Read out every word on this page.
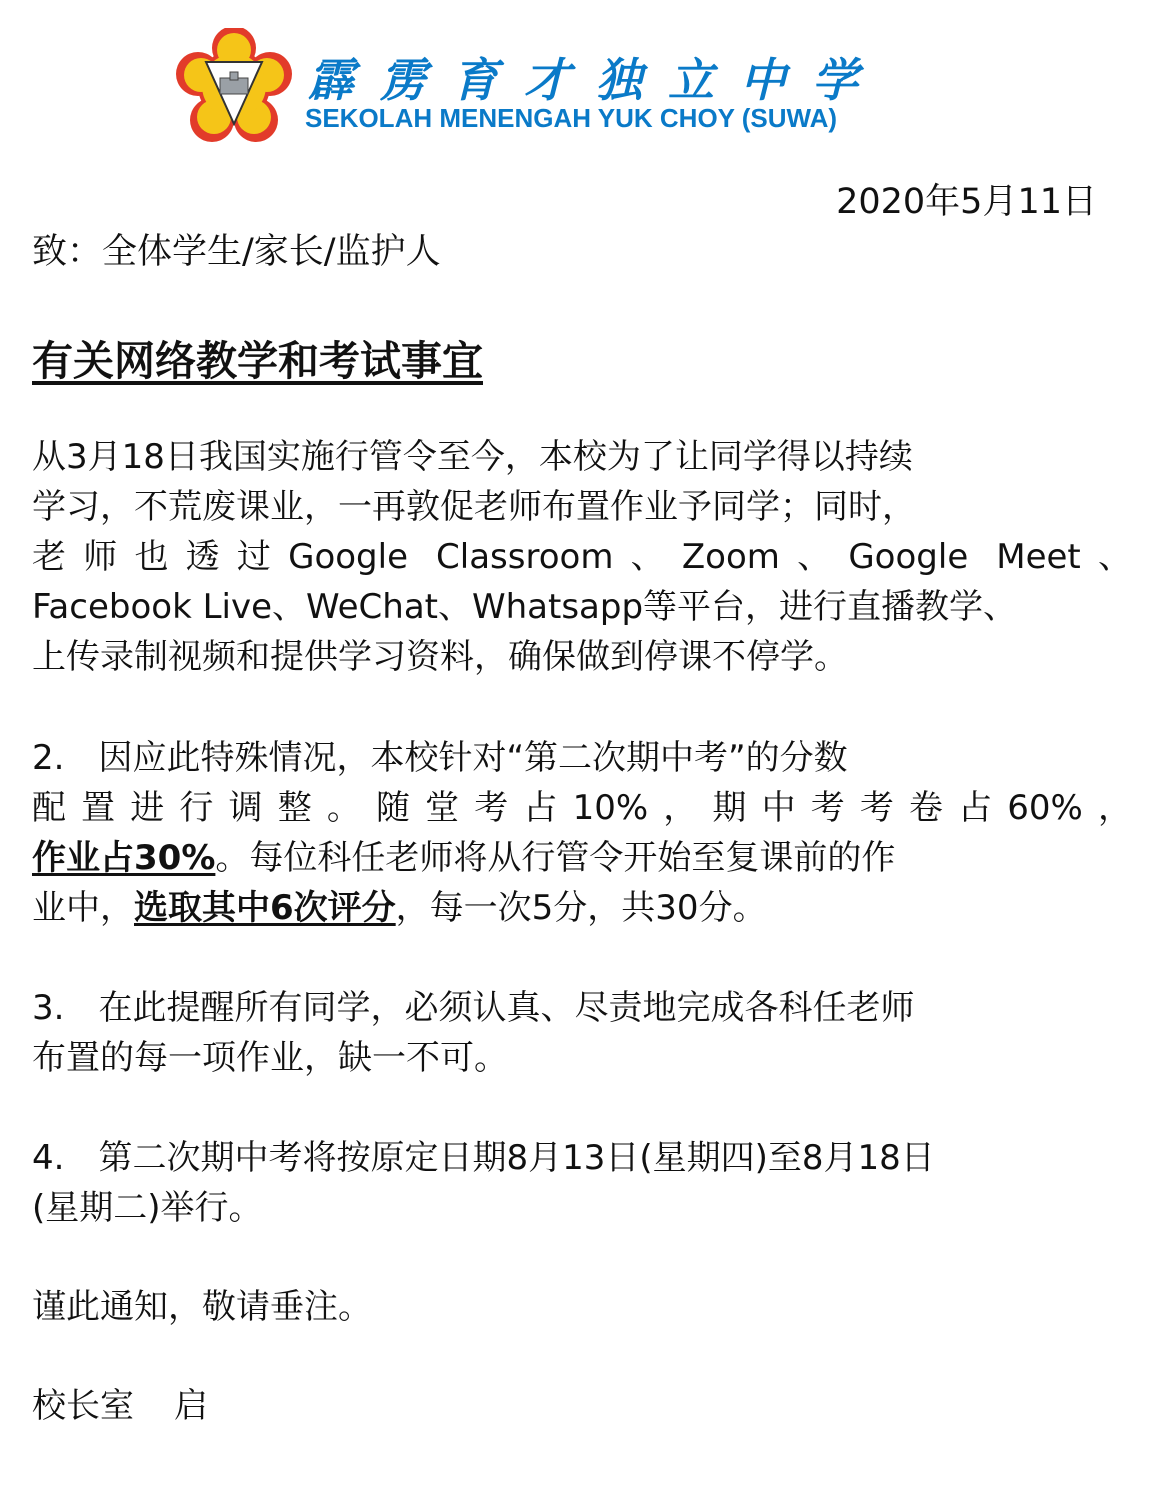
霹雳育才独立中学
SEKOLAH MENENGAH YUK CHOY (SUWA)
2020年5月11日
致：全体学生/家长/监护人
有关网络教学和考试事宜
从3月18日我国实施行管令至今，本校为了让同学得以持续
学习，不荒废课业，一再敦促老师布置作业予同学；同时，
老师也透过Google Classroom、Zoom、Google Meet、
Facebook Live、WeChat、Whatsapp等平台，进行直播教学、
上传录制视频和提供学习资料，确保做到停课不停学。
2.　因应此特殊情况，本校针对“第二次期中考”的分数
配置进行调整。随堂考占10%，期中考考卷占60%，
作业占30%。每位科任老师将从行管令开始至复课前的作
业中，选取其中6次评分，每一次5分，共30分。
3.　在此提醒所有同学，必须认真、尽责地完成各科任老师
布置的每一项作业，缺一不可。
4.　第二次期中考将按原定日期8月13日(星期四)至8月18日
(星期二)举行。
谨此通知，敬请垂注。
校长室 启
